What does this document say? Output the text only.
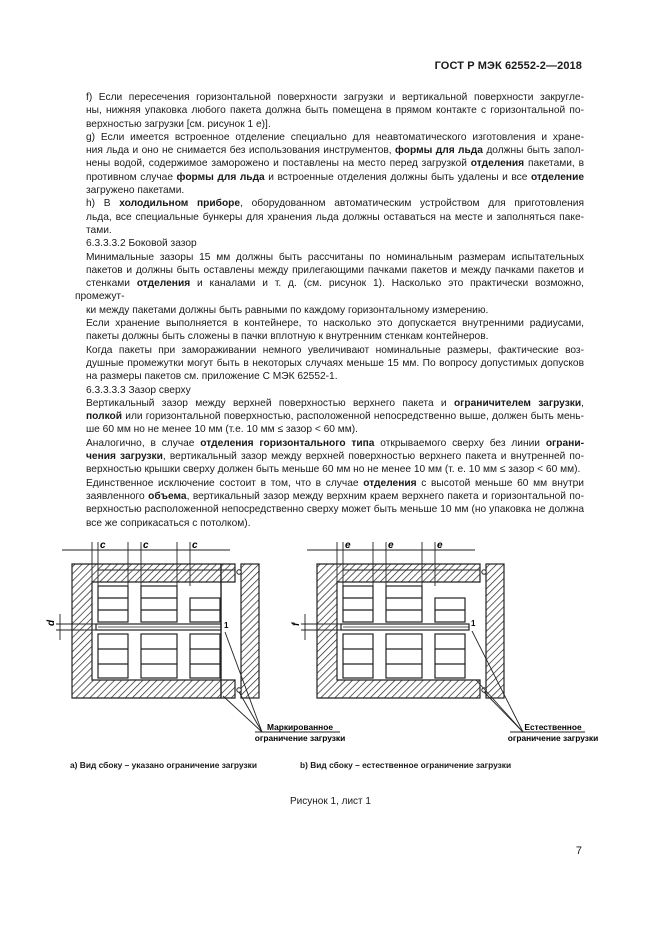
ГОСТ Р МЭК 62552-2—2018
f) Если пересечения горизонтальной поверхности загрузки и вертикальной поверхности закругле-
ны, нижняя упаковка любого пакета должна быть помещена в прямом контакте с горизонтальной по-
верхностью загрузки [см. рисунок 1 e)].
g) Если имеется встроенное отделение специально для неавтоматического изготовления и хране-
ния льда и оно не снимается без использования инструментов, формы для льда должны быть запол-
нены водой, содержимое заморожено и поставлены на место перед загрузкой отделения пакетами, в
противном случае формы для льда и встроенные отделения должны быть удалены и все отделение
загружено пакетами.
h) В холодильном приборе, оборудованном автоматическим устройством для приготовления
льда, все специальные бункеры для хранения льда должны оставаться на месте и заполняться паке-
тами.
6.3.3.3.2 Боковой зазор
Минимальные зазоры 15 мм должны быть рассчитаны по номинальным размерам испытательных
пакетов и должны быть оставлены между прилегающими пачками пакетов и между пачками пакетов и
стенками отделения и каналами и т. д. (см. рисунок 1). Насколько это практически возможно, промежут-
ки между пакетами должны быть равными по каждому горизонтальному измерению.
Если хранение выполняется в контейнере, то насколько это допускается внутренними радиусами,
пакеты должны быть сложены в пачки вплотную к внутренним стенкам контейнеров.
Когда пакеты при замораживании немного увеличивают номинальные размеры, фактические воз-
душные промежутки могут быть в некоторых случаях меньше 15 мм. По вопросу допустимых допусков
на размеры пакетов см. приложение С МЭК 62552-1.
6.3.3.3.3 Зазор сверху
Вертикальный зазор между верхней поверхностью верхнего пакета и ограничителем загрузки,
полкой или горизонтальной поверхностью, расположенной непосредственно выше, должен быть мень-
ше 60 мм но не менее 10 мм (т.е. 10 мм ≤ зазор < 60 мм).
Аналогично, в случае отделения горизонтального типа открываемого сверху без линии ограни-
чения загрузки, вертикальный зазор между верхней поверхностью верхнего пакета и внутренней по-
верхностью крышки сверху должен быть меньше 60 мм но не менее 10 мм (т. е. 10 мм ≤ зазор < 60 мм).
Единственное исключение состоит в том, что в случае отделения с высотой меньше 60 мм внутри
заявленного объема, вертикальный зазор между верхним краем верхнего пакета и горизонтальной по-
верхностью расположенной непосредственно сверху может быть меньше 10 мм (но упаковка не должна
все же соприкасаться с потолком).
c	c	c
d	1
Маркированное
ограничение загрузки
e	e	e
f	1
Естественное
ограничение загрузки
a) Вид сбоку – указано ограничение загрузки	b) Вид сбоку – естественное ограничение загрузки
Рисунок 1, лист 1
7
